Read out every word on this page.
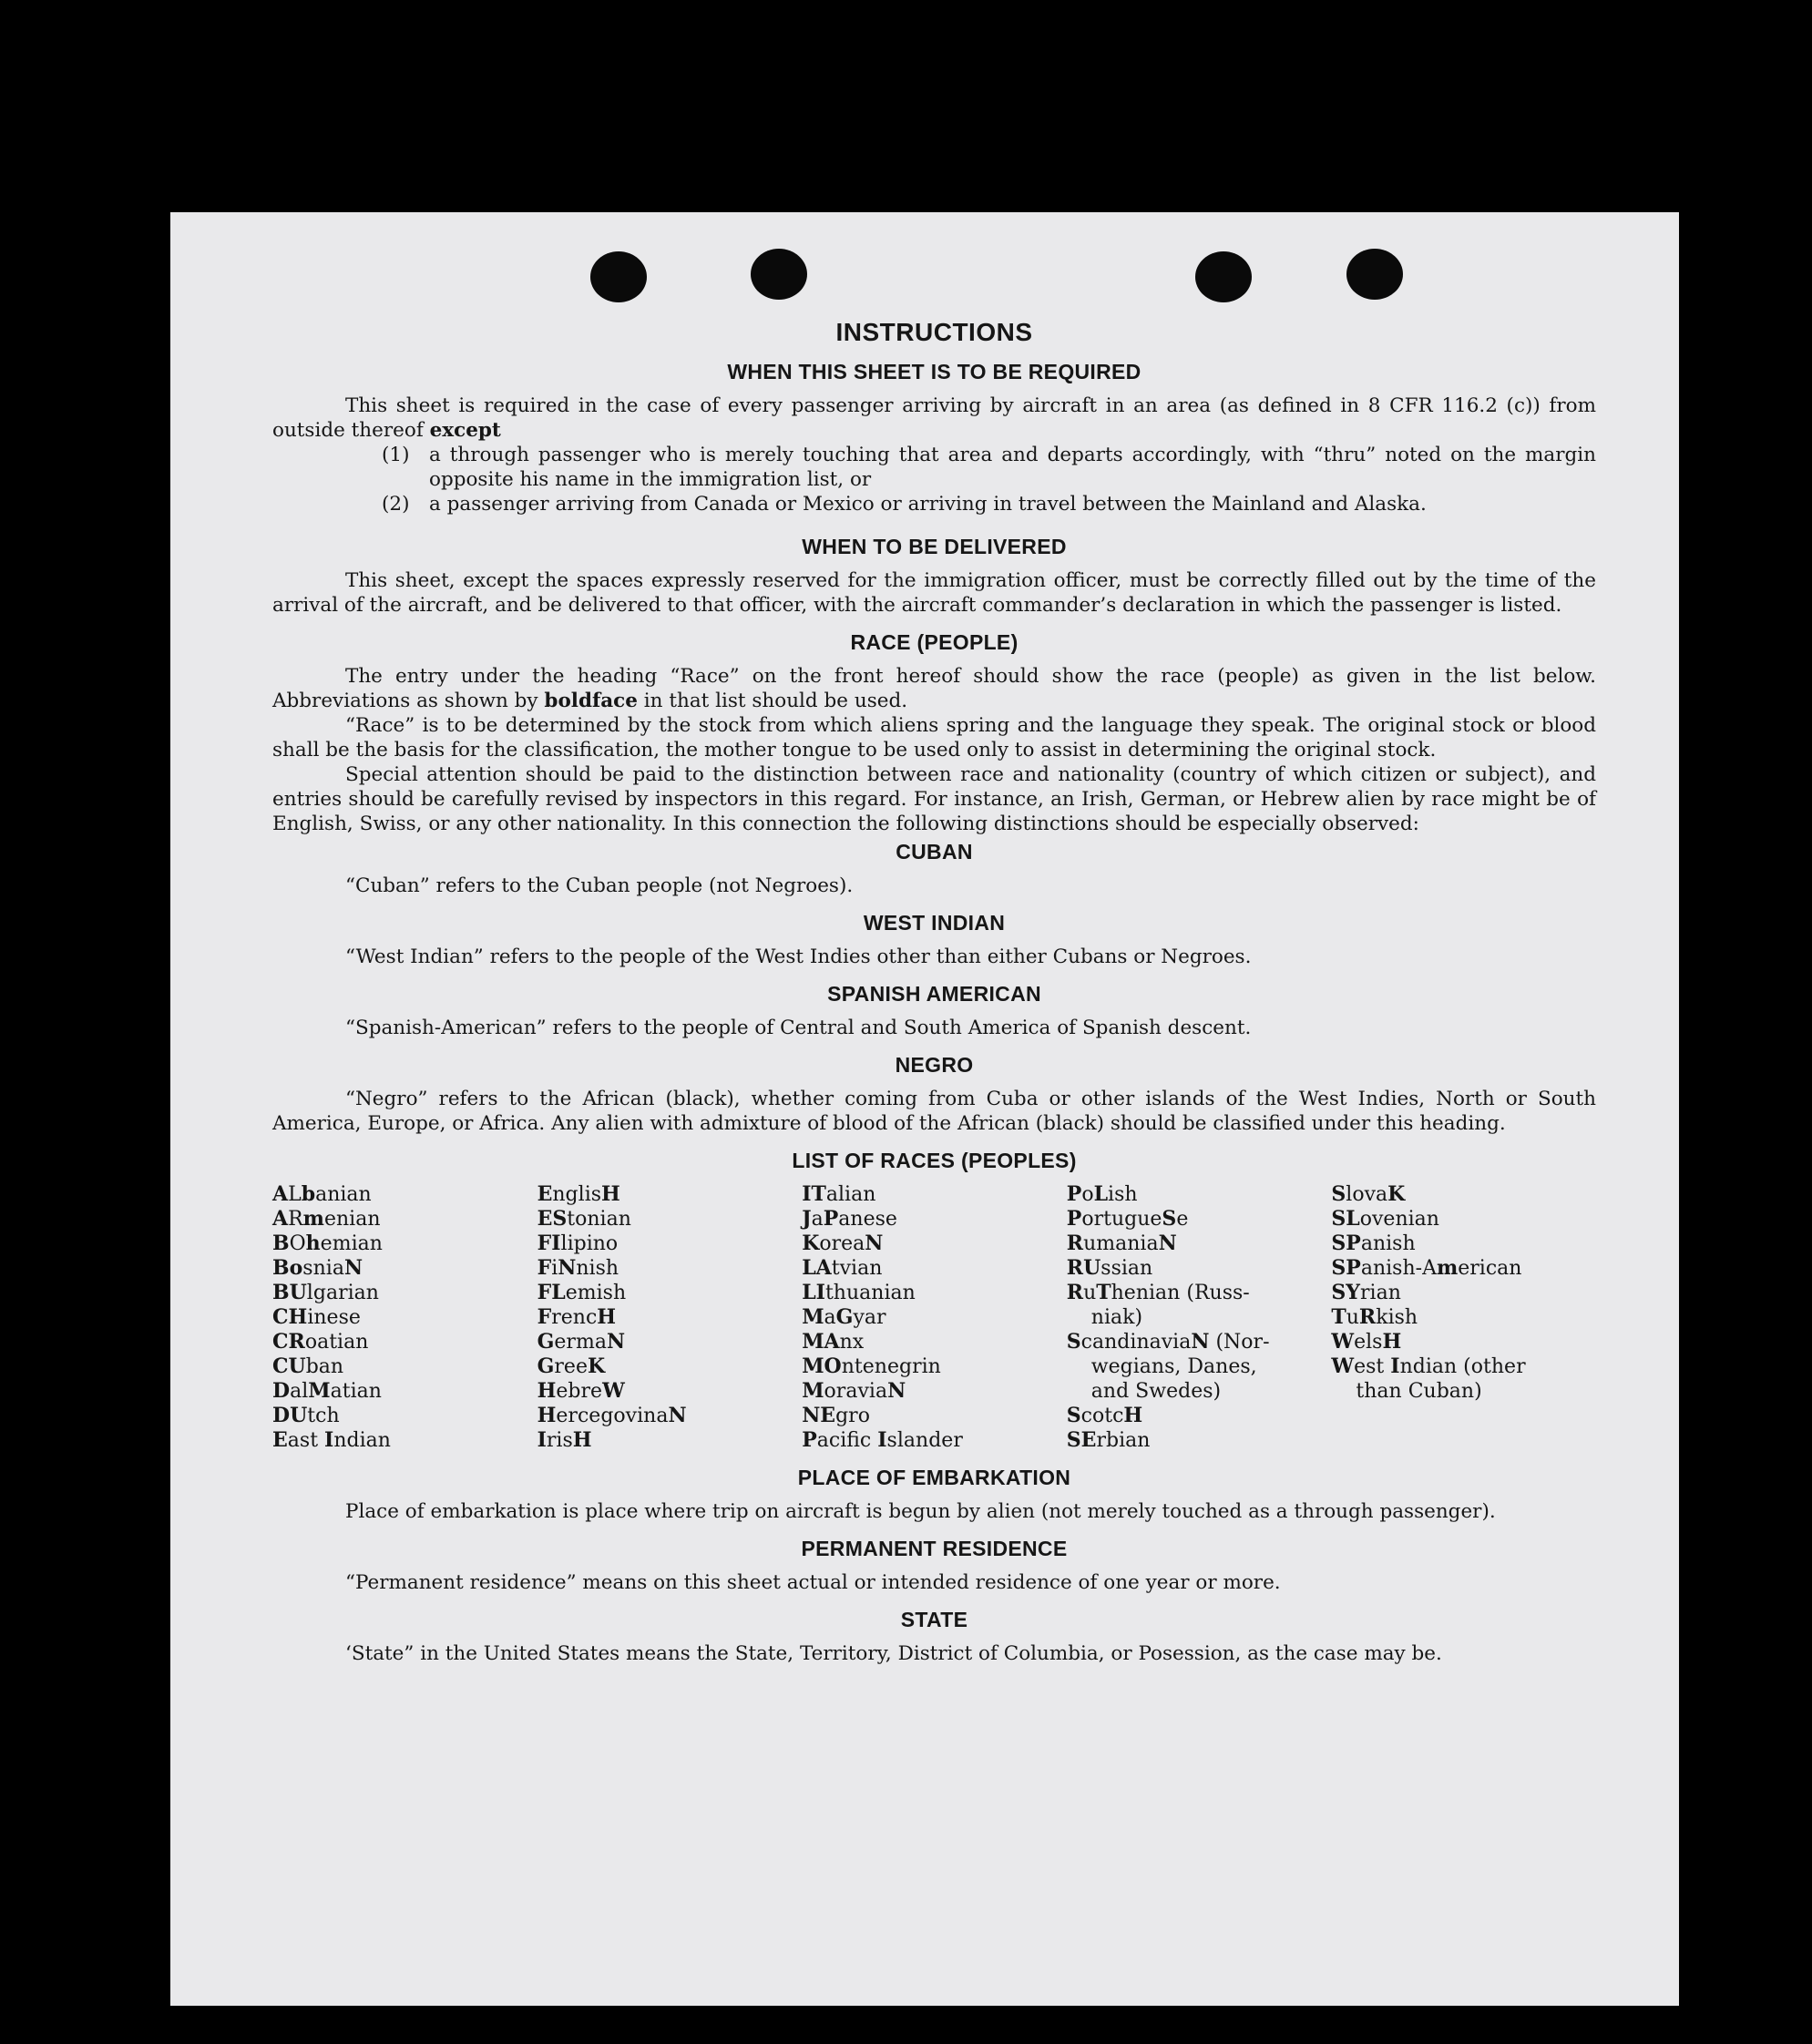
INSTRUCTIONS
WHEN THIS SHEET IS TO BE REQUIRED

This sheet is required in the case of every passenger arriving by aircraft in an area (as defined in 8 CFR 116.2 (c)) from outside thereof except

(1)	a through passenger who is merely touching that area and departs accordingly, with “thru” noted on the margin opposite his name in the immigration list, or
(2)	a passenger arriving from Canada or Mexico or arriving in travel between the Mainland and Alaska.
WHEN TO BE DELIVERED

This sheet, except the spaces expressly reserved for the immigration officer, must be correctly filled out by the time of the arrival of the aircraft, and be delivered to that officer, with the aircraft commander’s declaration in which the passenger is listed.

RACE (PEOPLE)

The entry under the heading “Race” on the front hereof should show the race (people) as given in the list below. Abbreviations as shown by boldface in that list should be used.

“Race” is to be determined by the stock from which aliens spring and the language they speak. The original stock or blood shall be the basis for the classification, the mother tongue to be used only to assist in determining the original stock.

Special attention should be paid to the distinction between race and nationality (country of which citizen or subject), and entries should be carefully revised by inspectors in this regard. For instance, an Irish, German, or Hebrew alien by race might be of English, Swiss, or any other nationality. In this connection the following distinctions should be especially observed:

CUBAN

“Cuban” refers to the Cuban people (not Negroes).

WEST INDIAN

“West Indian” refers to the people of the West Indies other than either Cubans or Negroes.

SPANISH AMERICAN

“Spanish-American” refers to the people of Central and South America of Spanish descent.

NEGRO

“Negro” refers to the African (black), whether coming from Cuba or other islands of the West Indies, North or South America, Europe, or Africa. Any alien with admixture of blood of the African (black) should be classified under this heading.

LIST OF RACES (PEOPLES)
ALbanian
ARmenian
BOhemian
BosniaN
BUlgarian
CHinese
CRoatian
CUban
DalMatian
DUtch
East Indian
EnglisH
EStonian
FIlipino
FiNnish
FLemish
FrencH
GermaN
GreeK
HebreW
HercegovinaN
IrisH
ITalian
JaPanese
KoreaN
LAtvian
LIthuanian
MaGyar
MAnx
MOntenegrin
MoraviaN
NEgro
Pacifc Islander
PoLish
PortugueSe
RumaniaN
RUssian
RuThenian (Russ-
niak)
ScandinaviaN (Nor-
wegians, Danes,
and Swedes)
ScotcH
SErbian
SlovaK
SLovenian
SPanish
SPanish-American
SYrian
TuRkish
WelsH
West Indian (other
than Cuban)
PLACE OF EMBARKATION

Place of embarkation is place where trip on aircraft is begun by alien (not merely touched as a through passenger).

PERMANENT RESIDENCE

“Permanent residence” means on this sheet actual or intended residence of one year or more.

STATE

‘State” in the United States means the State, Territory, District of Columbia, or Posession, as the case may be.
